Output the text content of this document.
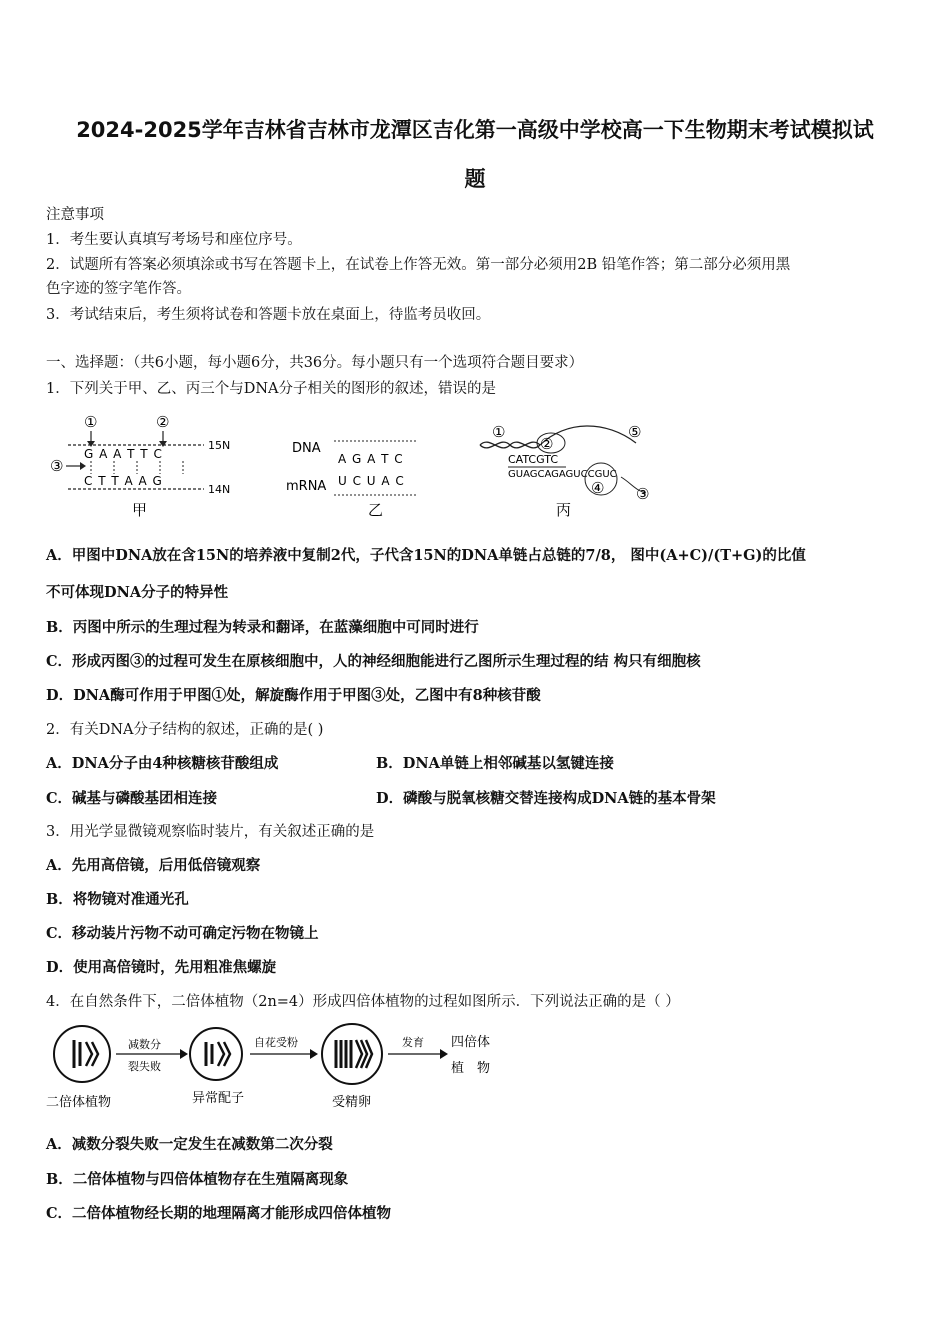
2024-2025学年吉林省吉林市龙潭区吉化第一高级中学校高一下生物期末考试模拟试
题
注意事项
1．考生要认真填写考场号和座位序号。
2．试题所有答案必须填涂或书写在答题卡上，在试卷上作答无效。第一部分必须用2B 铅笔作答；第二部分必须用黑
色字迹的签字笔作答。
3．考试结束后，考生须将试卷和答题卡放在桌面上，待监考员收回。
一、选择题：（共6小题，每小题6分，共36分。每小题只有一个选项符合题目要求）
1．下列关于甲、乙、丙三个与DNA分子相关的图形的叙述，错误的是
①	②
G A A T T C
C T T A A G
③
15N
14N
甲
DNA
mRNA
A G A T C
U C U A C
乙
①
②
⑤
CATCGTC
GUAGCAGAGUCCGUC
④ ③
丙
A．甲图中DNA放在含15N的培养液中复制2代，子代含15N的DNA单链占总链的7/8， 图中(A+C)/(T+G)的比值
不可体现DNA分子的特异性
B．丙图中所示的生理过程为转录和翻译，在蓝藻细胞中可同时进行
C．形成丙图③的过程可发生在原核细胞中，人的神经细胞能进行乙图所示生理过程的结 构只有细胞核
D．DNA酶可作用于甲图①处，解旋酶作用于甲图③处，乙图中有8种核苷酸
2．有关DNA分子结构的叙述，正确的是( )
A．DNA分子由4种核糖核苷酸组成	B．DNA单链上相邻碱基以氢键连接
C．碱基与磷酸基团相连接	D．磷酸与脱氧核糖交替连接构成DNA链的基本骨架
3．用光学显微镜观察临时装片，有关叙述正确的是
A．先用高倍镜，后用低倍镜观察
B．将物镜对准通光孔
C．移动装片污物不动可确定污物在物镜上
D．使用高倍镜时，先用粗准焦螺旋
4．在自然条件下，二倍体植物（2n=4）形成四倍体植物的过程如图所示．下列说法正确的是（ ）
二倍体植物
减数分
裂失败
异常配子
自花受粉
受精卵
发育 四倍体
植　物
A．减数分裂失败一定发生在减数第二次分裂
B．二倍体植物与四倍体植物存在生殖隔离现象
C．二倍体植物经长期的地理隔离才能形成四倍体植物
